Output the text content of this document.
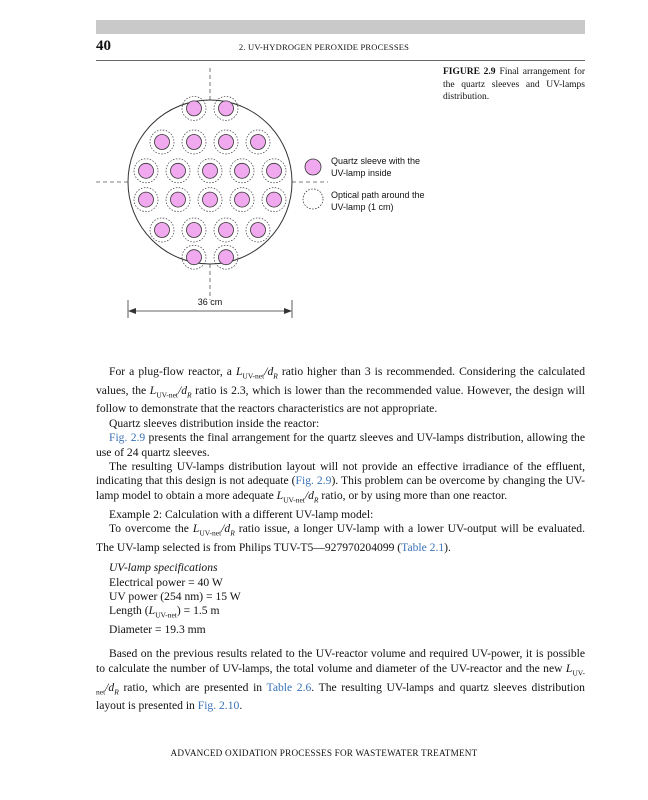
40	2. UV-HYDROGEN PEROXIDE PROCESSES
FIGURE 2.9 Final arrangement for the quartz sleeves and UV-lamps distribution.
Quartz sleeve with the
UV-lamp inside
Optical path around the
UV-lamp (1 cm)
36 cm

For a plug-flow reactor, a $L_{UV-net}/d_R$ ratio higher than 3 is recommended. Considering the calculated values, the $L_{UV-net}/d_R$ ratio is 2.3, which is lower than the recommended value. However, the design will follow to demonstrate that the reactors characteristics are not appropriate.

Quartz sleeves distribution inside the reactor:

Fig. 2.9 presents the final arrangement for the quartz sleeves and UV-lamps distribution, allowing the use of 24 quartz sleeves.

The resulting UV-lamps distribution layout will not provide an effective irradiance of the effluent, indicating that this design is not adequate (Fig. 2.9). This problem can be overcome by changing the UV-lamp model to obtain a more adequate $L_{UV-net}/d_R$ ratio, or by using more than one reactor.

Example 2: Calculation with a different UV-lamp model:

To overcome the $L_{UV-net}/d_R$ ratio issue, a longer UV-lamp with a lower UV-output will be evaluated. The UV-lamp selected is from Philips TUV-T5—927970204099 (Table 2.1).

UV-lamp specifications
Electrical power = 40 W
UV power (254 nm) = 15 W
Length $(L_{UV-net}) = 1.5$ m
Diameter = 19.3 mm

Based on the previous results related to the UV-reactor volume and required UV-power, it is possible to calculate the number of UV-lamps, the total volume and diameter of the UV-reactor and the new $L_{UV-net}/d_R$ ratio, which are presented in Table 2.6. The resulting UV-lamps and quartz sleeves distribution layout is presented in Fig. 2.10.

ADVANCED OXIDATION PROCESSES FOR WASTEWATER TREATMENT
